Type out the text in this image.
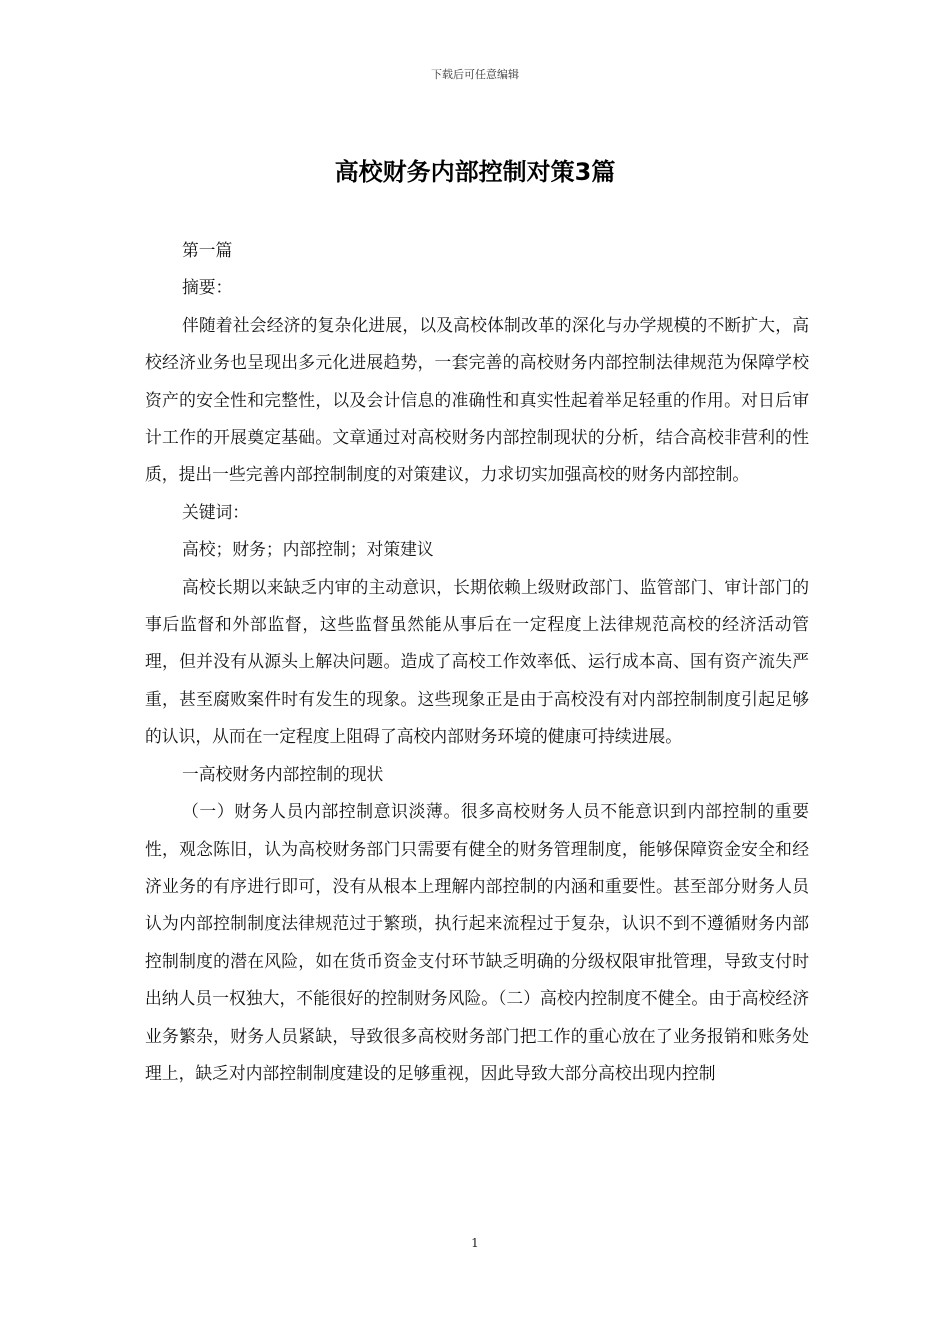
下载后可任意编辑
高校财务内部控制对策3篇

第一篇

摘要：

伴随着社会经济的复杂化进展，以及高校体制改革的深化与办学规模的不断扩大，高校经济业务也呈现出多元化进展趋势，一套完善的高校财务内部控制法律规范为保障学校资产的安全性和完整性，以及会计信息的准确性和真实性起着举足轻重的作用。对日后审计工作的开展奠定基础。文章通过对高校财务内部控制现状的分析，结合高校非营利的性质，提出一些完善内部控制制度的对策建议，力求切实加强高校的财务内部控制。

关键词：

高校；财务；内部控制；对策建议

高校长期以来缺乏内审的主动意识，长期依赖上级财政部门、监管部门、审计部门的事后监督和外部监督，这些监督虽然能从事后在一定程度上法律规范高校的经济活动管理，但并没有从源头上解决问题。造成了高校工作效率低、运行成本高、国有资产流失严重，甚至腐败案件时有发生的现象。这些现象正是由于高校没有对内部控制制度引起足够的认识，从而在一定程度上阻碍了高校内部财务环境的健康可持续进展。

一高校财务内部控制的现状

（一）财务人员内部控制意识淡薄。很多高校财务人员不能意识到内部控制的重要性，观念陈旧，认为高校财务部门只需要有健全的财务管理制度，能够保障资金安全和经济业务的有序进行即可，没有从根本上理解内部控制的内涵和重要性。甚至部分财务人员认为内部控制制度法律规范过于繁琐，执行起来流程过于复杂，认识不到不遵循财务内部控制制度的潜在风险，如在货币资金支付环节缺乏明确的分级权限审批管理，导致支付时出纳人员一权独大，不能很好的控制财务风险。（二）高校内控制度不健全。由于高校经济业务繁杂，财务人员紧缺，导致很多高校财务部门把工作的重心放在了业务报销和账务处理上，缺乏对内部控制制度建设的足够重视，因此导致大部分高校出现内控制

1
